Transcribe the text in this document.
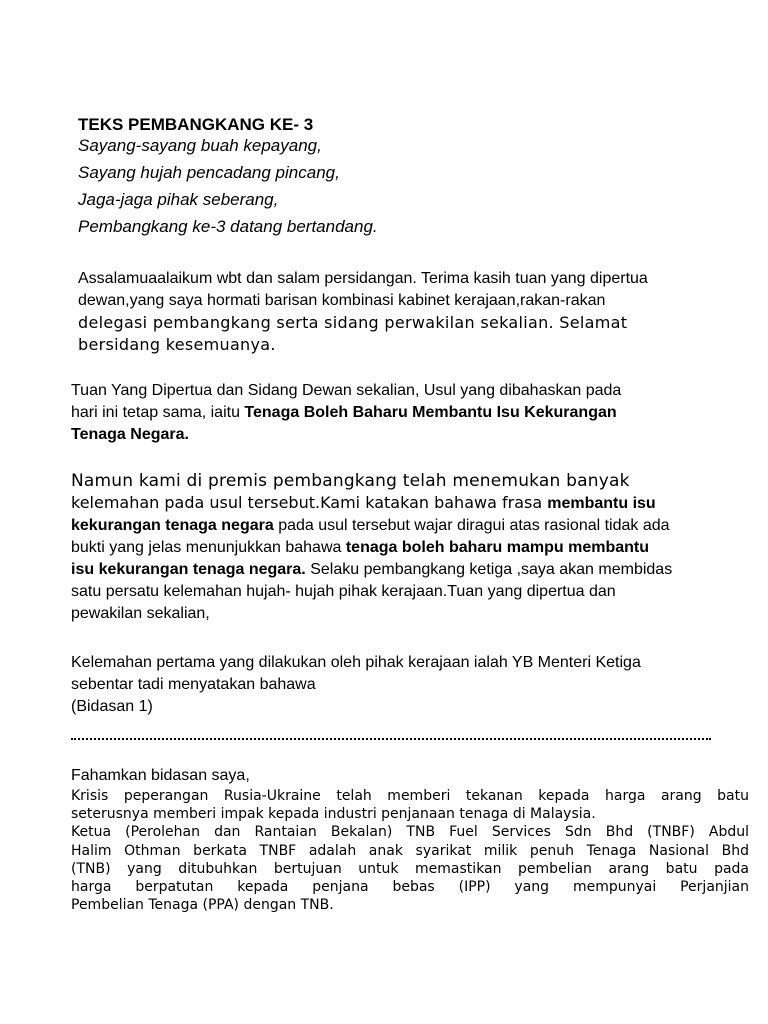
TEKS PEMBANGKANG KE- 3
Sayang-sayang buah kepayang,
Sayang hujah pencadang pincang,
Jaga-jaga pihak seberang,
Pembangkang ke-3 datang bertandang.
Assalamuaalaikum wbt dan salam persidangan. Terima kasih tuan yang dipertua
dewan,yang saya hormati barisan kombinasi kabinet kerajaan,rakan-rakan
delegasi pembangkang serta sidang perwakilan sekalian. Selamat
bersidang kesemuanya.
Tuan Yang Dipertua dan Sidang Dewan sekalian, Usul yang dibahaskan pada
hari ini tetap sama, iaitu Tenaga Boleh Baharu Membantu Isu Kekurangan
Tenaga Negara.
Namun kami di premis pembangkang telah menemukan banyak
kelemahan pada usul tersebut.Kami katakan bahawa frasa membantu isu
kekurangan tenaga negara pada usul tersebut wajar diragui atas rasional tidak ada
bukti yang jelas menunjukkan bahawa tenaga boleh baharu mampu membantu
isu kekurangan tenaga negara. Selaku pembangkang ketiga ,saya akan membidas
satu persatu kelemahan hujah- hujah pihak kerajaan.Tuan yang dipertua dan
pewakilan sekalian,
Kelemahan pertama yang dilakukan oleh pihak kerajaan ialah YB Menteri Ketiga
sebentar tadi menyatakan bahawa
(Bidasan 1)
Fahamkan bidasan saya,
Krisis peperangan Rusia-Ukraine telah memberi tekanan kepada harga arang batu
seterusnya memberi impak kepada industri penjanaan tenaga di Malaysia.
Ketua (Perolehan dan Rantaian Bekalan) TNB Fuel Services Sdn Bhd (TNBF) Abdul
Halim Othman berkata TNBF adalah anak syarikat milik penuh Tenaga Nasional Bhd
(TNB) yang ditubuhkan bertujuan untuk memastikan pembelian arang batu pada
harga berpatutan kepada penjana bebas (IPP) yang mempunyai Perjanjian
Pembelian Tenaga (PPA) dengan TNB.
